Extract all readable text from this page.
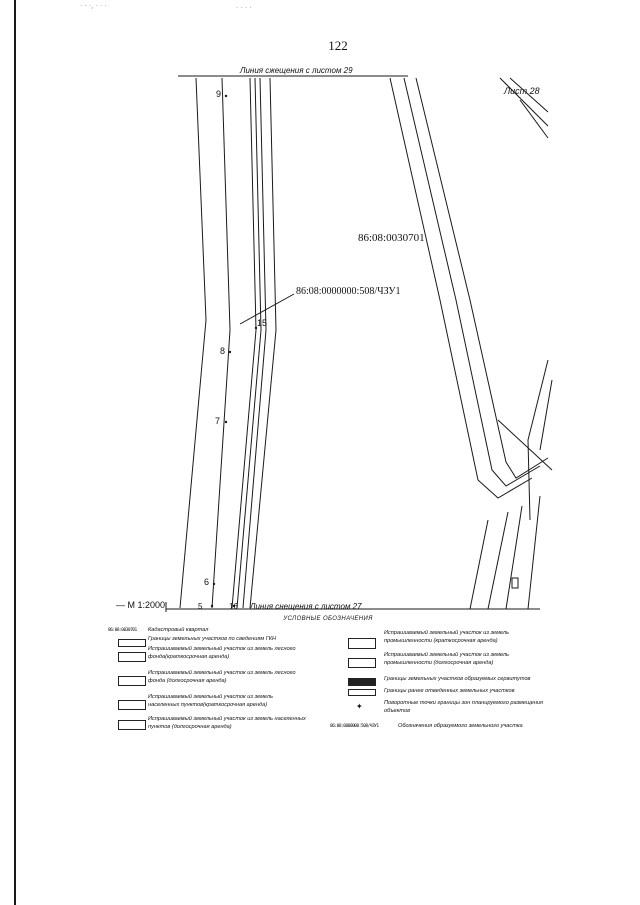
· · ·, · · ·	· · · ·
122
Линия сжещения с листом 29
Линия снещения с листом 27
Лист 28
— М 1:2000
86:08:0030701
86:08:0000000:508/ЧЗУ1
9
15
8
7
6
5	16
УСЛОВНЫЕ ОБОЗНАЧЕНИЯ
86:08:0030701 Кадастровый квартал
Границы земельных участков по сведениям ГКН
Испрашиваемый земельный участок из земель лесного фонда(краткосрочная аренда)
Испрашиваемый земельный участок из земель лесного фонда (долгосрочная аренда)
Испрашиваемый земельный участок из земель населенных пунктов(краткосрочная аренда)
Испрашиваемый земельный участок из земель населенных пунктов (долгосрочная аренда)
Испрашиваемый земельный участок из земель промышленности (краткосрочная аренда)
Испрашиваемый земельный участок из земель промышленности (долгосрочная аренда)
Границы земельных участков образуемых сервитутов
Границы ранее отведенных земельных участков
✦	Поворотные точки границы зон планируемого размещения объектов
86:08:0000000:508/ЧЗУ1	Обозначения образуемого земельного участка
